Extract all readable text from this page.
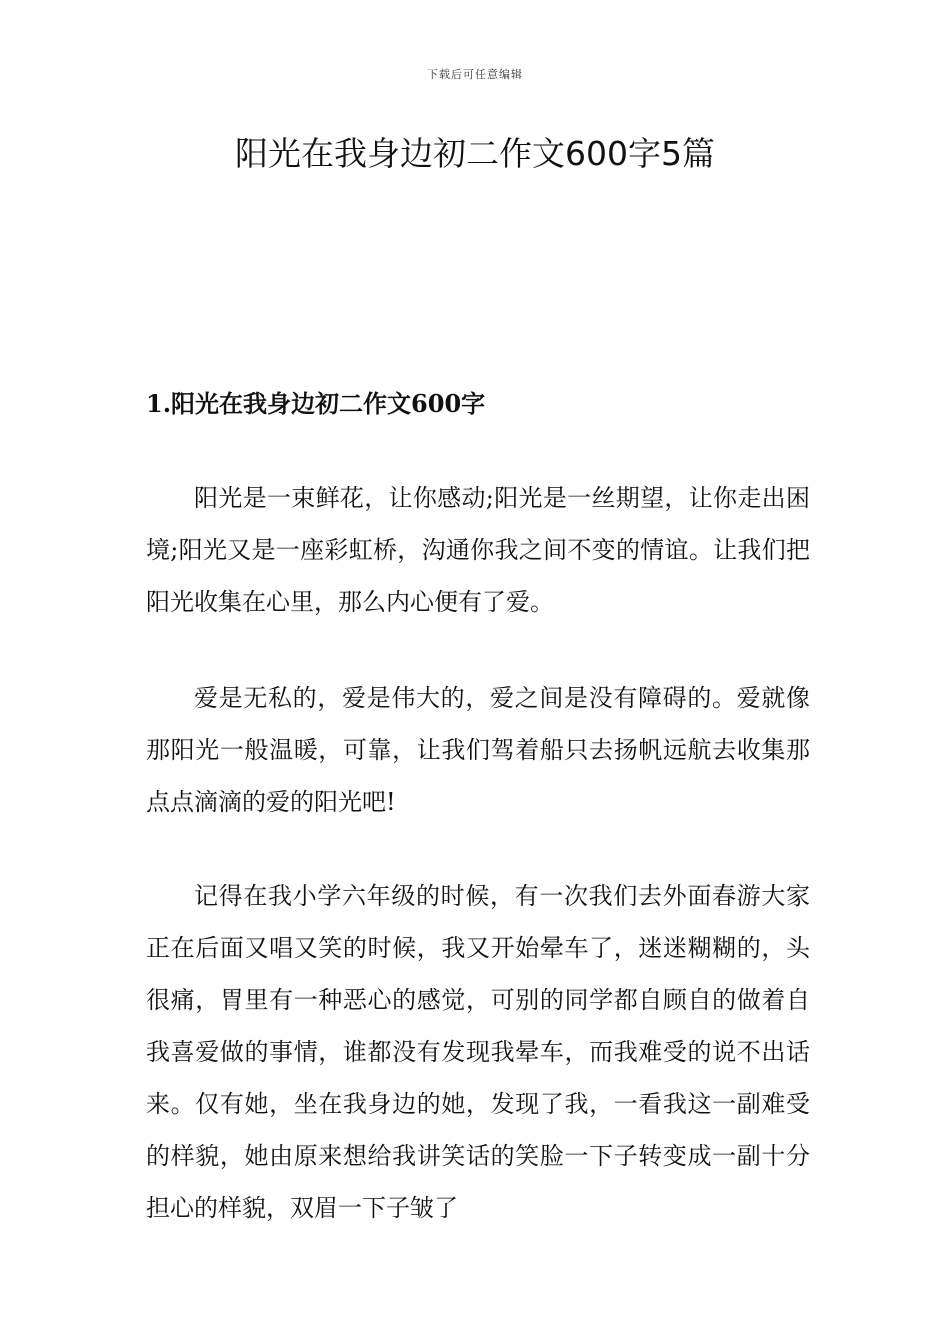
下载后可任意编辑
阳光在我身边初二作文600字5篇
1.阳光在我身边初二作文600字

阳光是一束鲜花，让你感动;阳光是一丝期望，让你走出困境;阳光又是一座彩虹桥，沟通你我之间不变的情谊。让我们把阳光收集在心里，那么内心便有了爱。

爱是无私的，爱是伟大的，爱之间是没有障碍的。爱就像那阳光一般温暖，可靠，让我们驾着船只去扬帆远航去收集那点点滴滴的爱的阳光吧!

记得在我小学六年级的时候，有一次我们去外面春游大家正在后面又唱又笑的时候，我又开始晕车了，迷迷糊糊的，头很痛，胃里有一种恶心的感觉，可别的同学都自顾自的做着自我喜爱做的事情，谁都没有发现我晕车，而我难受的说不出话来。仅有她，坐在我身边的她，发现了我，一看我这一副难受的样貌，她由原来想给我讲笑话的笑脸一下子转变成一副十分担心的样貌，双眉一下子皱了
